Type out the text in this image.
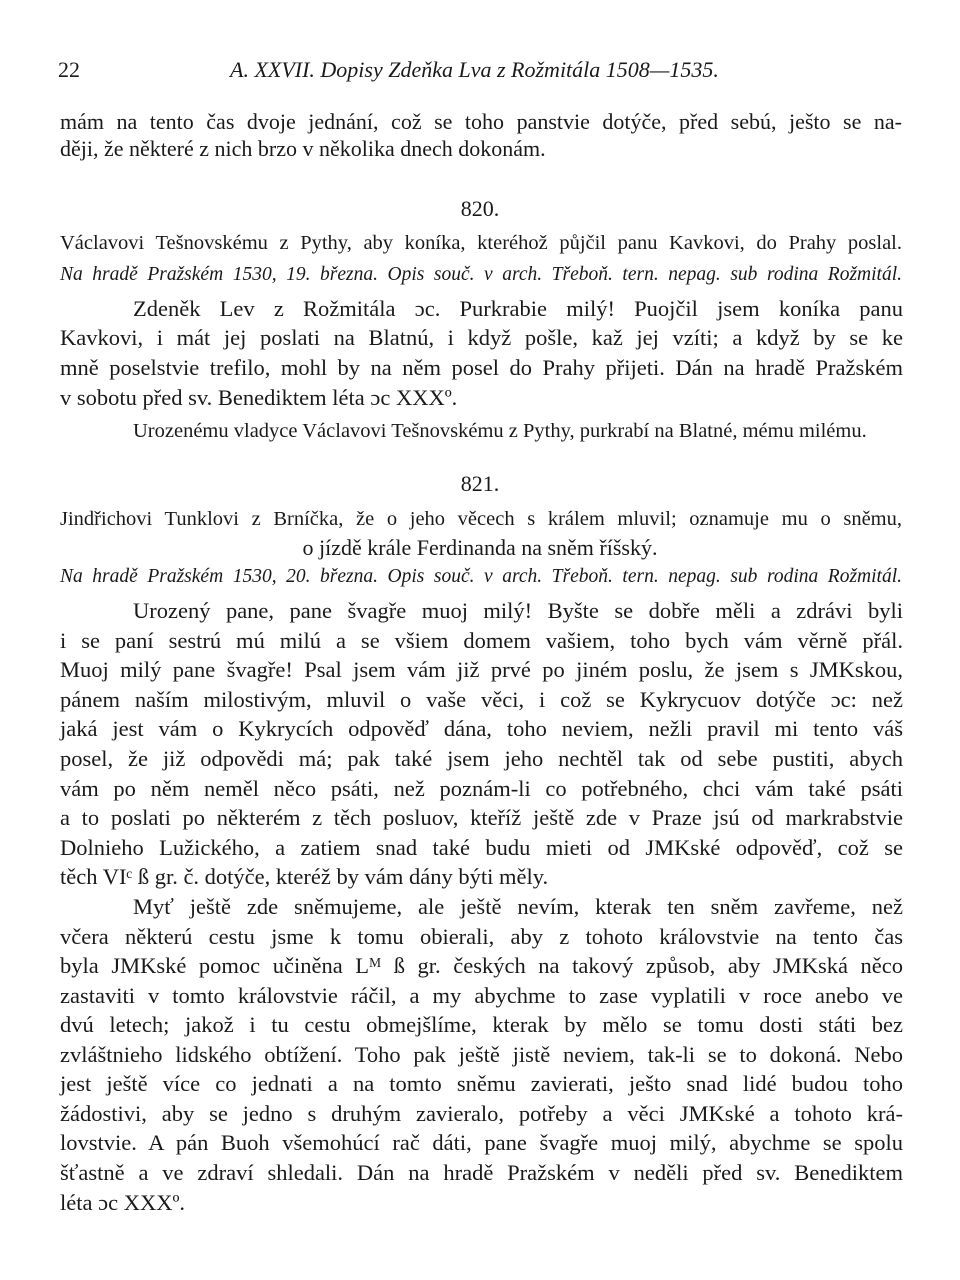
22	A. XXVII. Dopisy Zdeňka Lva z Rožmitála 1508—1535.
mám na tento čas dvoje jednání, což se toho panstvie dotýče, před sebú, ješto se na-
ději, že některé z nich brzo v několika dnech dokonám.
820.
Václavovi Tešnovskému z Pythy, aby koníka, kteréhož půjčil panu Kavkovi, do Prahy poslal.
Na hradě Pražském 1530, 19. března. Opis souč. v arch. Třeboň. tern. nepag. sub rodina Rožmitál.
Zdeněk Lev z Rožmitála ɔc. Purkrabie milý! Puojčil jsem koníka panu
Kavkovi, i mát jej poslati na Blatnú, i když pošle, kaž jej vzíti; a když by se ke
mně poselstvie trefilo, mohl by na něm posel do Prahy přijeti. Dán na hradě Pražském
v sobotu před sv. Benediktem léta ɔc XXXº.
Urozenému vladyce Václavovi Tešnovskému z Pythy, purkrabí na Blatné, mému milému.
821.
Jindřichovi Tunklovi z Brníčka, že o jeho věcech s králem mluvil; oznamuje mu o sněmu,
o jízdě krále Ferdinanda na sněm říšský.
Na hradě Pražském 1530, 20. března. Opis souč. v arch. Třeboň. tern. nepag. sub rodina Rožmitál.
Urozený pane, pane švagře muoj milý! Byšte se dobře měli a zdrávi byli
i se paní sestrú mú milú a se všiem domem vašiem, toho bych vám věrně přál.
Muoj milý pane švagře! Psal jsem vám již prvé po jiném poslu, že jsem s JMKskou,
pánem naším milostivým, mluvil o vaše věci, i což se Kykrycuov dotýče ɔc: než
jaká jest vám o Kykrycích odpověď dána, toho neviem, nežli pravil mi tento váš
posel, že již odpovědi má; pak také jsem jeho nechtěl tak od sebe pustiti, abych
vám po něm neměl něco psáti, než poznám-li co potřebného, chci vám také psáti
a to poslati po některém z těch posluov, kteříž ještě zde v Praze jsú od markrabstvie
Dolnieho Lužického, a zatiem snad také budu mieti od JMKské odpověď, což se
těch VIᶜ ß gr. č. dotýče, kteréž by vám dány býti měly.
Myť ještě zde sněmujeme, ale ještě nevím, kterak ten sněm zavřeme, než
včera některú cestu jsme k tomu obierali, aby z tohoto královstvie na tento čas
byla JMKské pomoc učiněna Lᴹ ß gr. českých na takový způsob, aby JMKská něco
zastaviti v tomto královstvie ráčil, a my abychme to zase vyplatili v roce anebo ve
dvú letech; jakož i tu cestu obmejšlíme, kterak by mělo se tomu dosti státi bez
zvláštnieho lidského obtížení. Toho pak ještě jistě neviem, tak-li se to dokoná. Nebo
jest ještě více co jednati a na tomto sněmu zavierati, ješto snad lidé budou toho
žádostivi, aby se jedno s druhým zavieralo, potřeby a věci JMKské a tohoto krá-
lovstvie. A pán Buoh všemohúcí rač dáti, pane švagře muoj milý, abychme se spolu
šťastně a ve zdraví shledali. Dán na hradě Pražském v neděli před sv. Benediktem
léta ɔc XXXº.
